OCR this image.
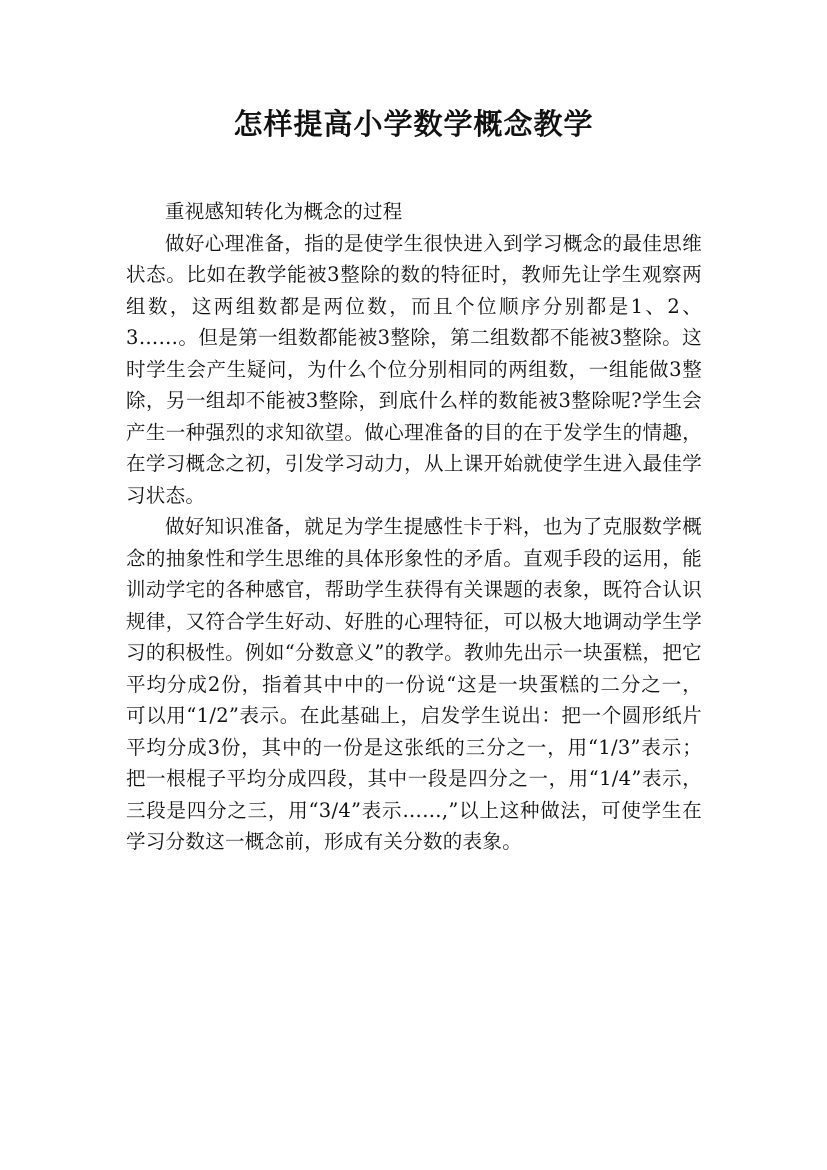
怎样提高小学数学概念教学

重视感知转化为概念的过程

做好心理准备，指的是使学生很快进入到学习概念的最佳思维状态。比如在教学能被3整除的数的特征时，教师先让学生观察两组数，这两组数都是两位数，而且个位顺序分别都是1、2、3……。但是第一组数都能被3整除，第二组数都不能被3整除。这时学生会产生疑问，为什么个位分别相同的两组数，一组能做3整除，另一组却不能被3整除，到底什么样的数能被3整除呢?学生会产生一种强烈的求知欲望。做心理准备的目的在于发学生的情趣，在学习概念之初，引发学习动力，从上课开始就使学生进入最佳学习状态。

做好知识准备，就足为学生提感性卡于料，也为了克服数学概念的抽象性和学生思维的具体形象性的矛盾。直观手段的运用，能训动学宅的各种感官，帮助学生获得有关课题的表象，既符合认识规律，又符合学生好动、好胜的心理特征，可以极大地调动学生学习的积极性。例如“分数意义”的教学。教帅先出示一块蛋糕，把它平均分成2份，指着其中中的一份说“这是一块蛋糕的二分之一，可以用“1/2”表示。在此基础上，启发学生说出：把一个圆形纸片平均分成3份，其中的一份是这张纸的三分之一，用“1/3”表示；把一根棍子平均分成四段，其中一段是四分之一，用“1/4”表示，三段是四分之三，用“3/4”表示……,”以上这种做法，可使学生在学习分数这一概念前，形成有关分数的表象。
